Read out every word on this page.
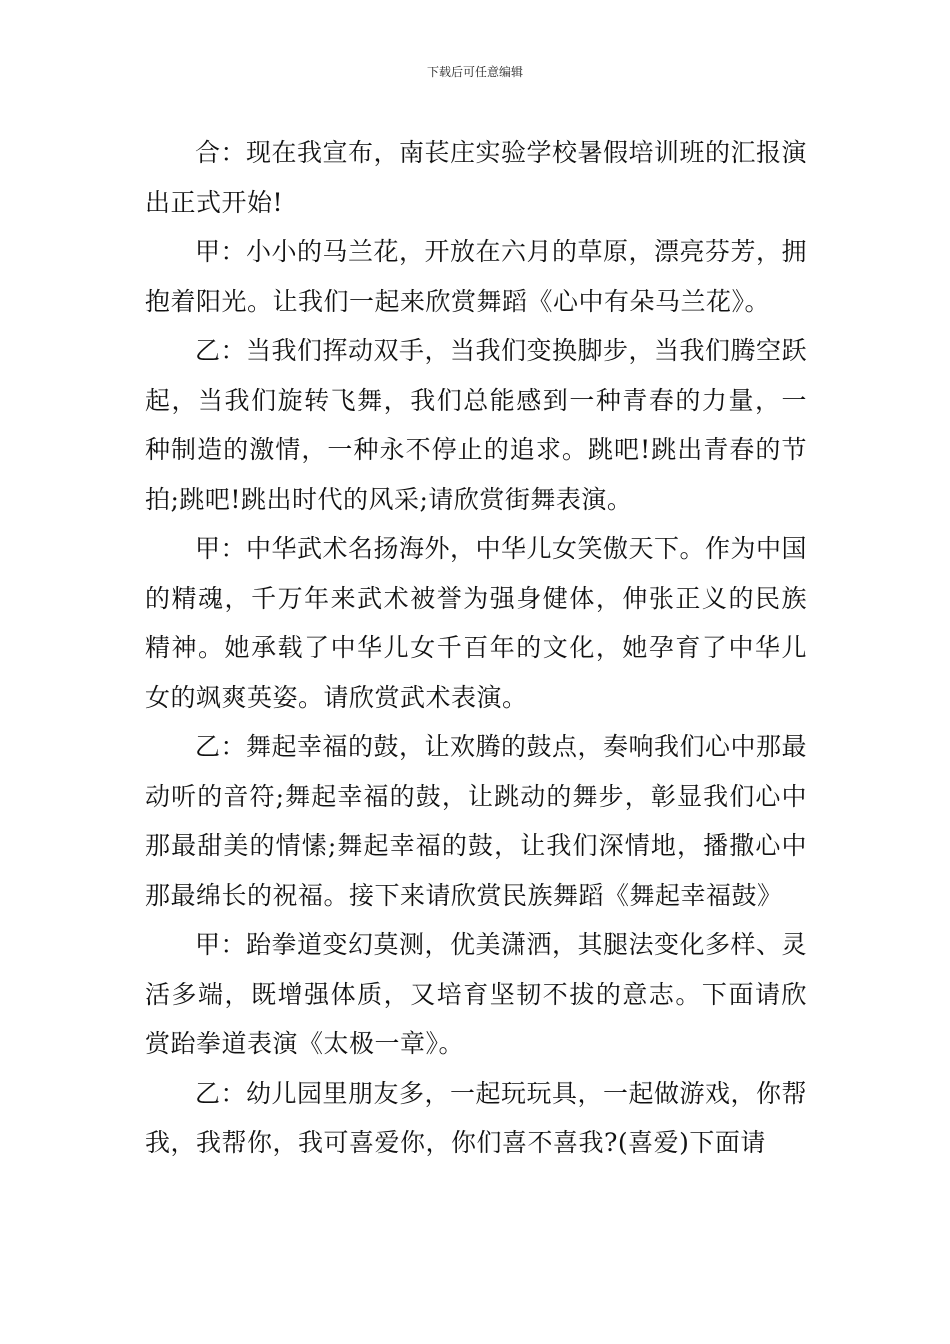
下载后可任意编辑

合：现在我宣布，南苌庄实验学校暑假培训班的汇报演出正式开始!

甲：小小的马兰花，开放在六月的草原，漂亮芬芳，拥抱着阳光。让我们一起来欣赏舞蹈《心中有朵马兰花》。

乙：当我们挥动双手，当我们变换脚步，当我们腾空跃起，当我们旋转飞舞，我们总能感到一种青春的力量，一种制造的激情，一种永不停止的追求。跳吧!跳出青春的节拍;跳吧!跳出时代的风采;请欣赏街舞表演。

甲：中华武术名扬海外，中华儿女笑傲天下。作为中国的精魂，千万年来武术被誉为强身健体，伸张正义的民族精神。她承载了中华儿女千百年的文化，她孕育了中华儿女的飒爽英姿。请欣赏武术表演。

乙：舞起幸福的鼓，让欢腾的鼓点，奏响我们心中那最动听的音符;舞起幸福的鼓，让跳动的舞步，彰显我们心中那最甜美的情愫;舞起幸福的鼓，让我们深情地，播撒心中那最绵长的祝福。接下来请欣赏民族舞蹈《舞起幸福鼓》

甲：跆拳道变幻莫测，优美潇洒，其腿法变化多样、灵活多端，既增强体质，又培育坚韧不拔的意志。下面请欣赏跆拳道表演《太极一章》。

乙：幼儿园里朋友多，一起玩玩具，一起做游戏，你帮我，我帮你，我可喜爱你，你们喜不喜我?(喜爱)下面请
